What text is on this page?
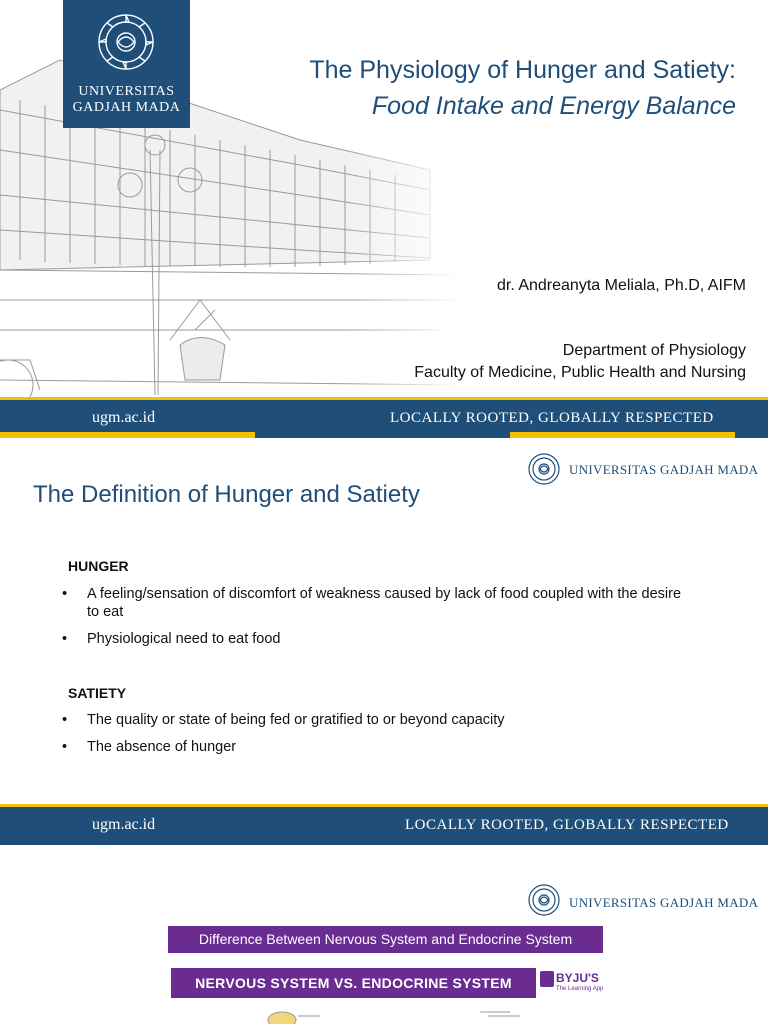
UNIVERSITAS
GADJAH MADA
The Physiology of Hunger and Satiety:
Food Intake and Energy Balance
dr. Andreanyta Meliala, Ph.D, AIFM
Department of Physiology
Faculty of Medicine, Public Health and Nursing
ugm.ac.id	LOCALLY ROOTED, GLOBALLY RESPECTED
UNIVERSITAS GADJAH MADA
The Definition of Hunger and Satiety
HUNGER
• A feeling/sensation of discomfort of weakness caused by lack of food coupled with the desire to eat
• Physiological need to eat food
SATIETY
• The quality or state of being fed or gratified to or beyond capacity
• The absence of hunger
ugm.ac.id	LOCALLY ROOTED, GLOBALLY RESPECTED
UNIVERSITAS GADJAH MADA
Difference Between Nervous System and Endocrine System
NERVOUS SYSTEM VS. ENDOCRINE SYSTEM	BYJU'S
The Learning App
